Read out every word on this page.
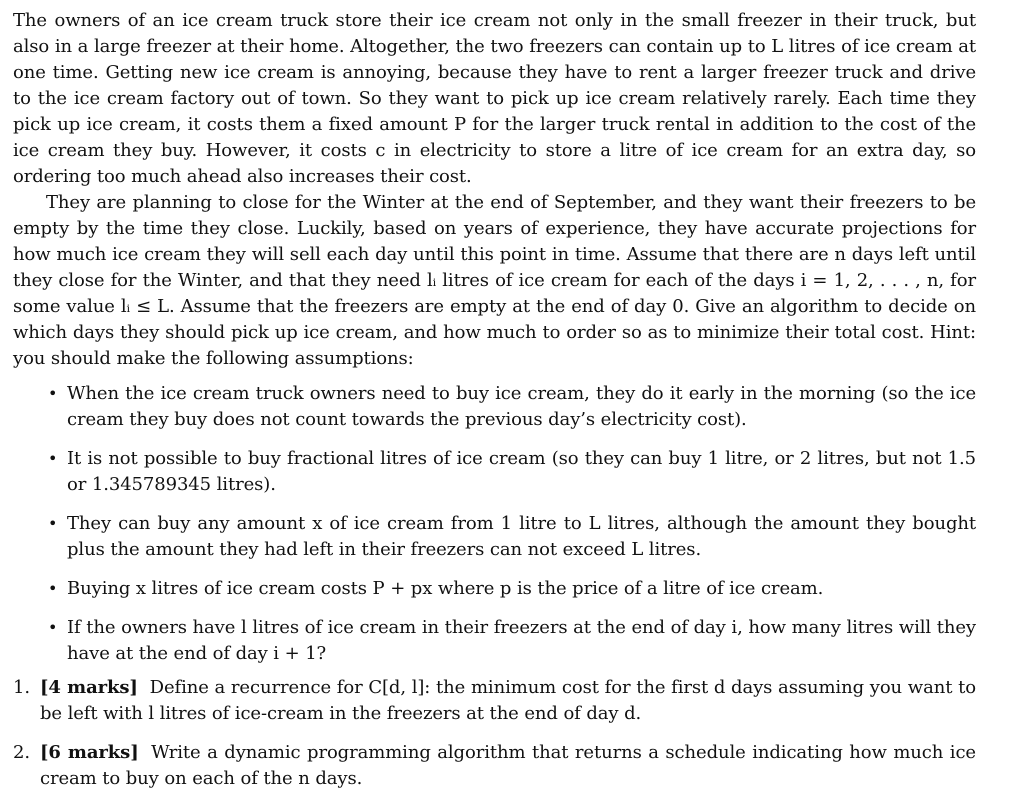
The owners of an ice cream truck store their ice cream not only in the small freezer in their truck, but also in a large freezer at their home. Altogether, the two freezers can contain up to L litres of ice cream at one time. Getting new ice cream is annoying, because they have to rent a larger freezer truck and drive to the ice cream factory out of town. So they want to pick up ice cream relatively rarely. Each time they pick up ice cream, it costs them a fixed amount P for the larger truck rental in addition to the cost of the ice cream they buy. However, it costs c in electricity to store a litre of ice cream for an extra day, so ordering too much ahead also increases their cost.

They are planning to close for the Winter at the end of September, and they want their freezers to be empty by the time they close. Luckily, based on years of experience, they have accurate projections for how much ice cream they will sell each day until this point in time. Assume that there are n days left until they close for the Winter, and that they need lᵢ litres of ice cream for each of the days i = 1, 2, . . . , n, for some value lᵢ ≤ L. Assume that the freezers are empty at the end of day 0. Give an algorithm to decide on which days they should pick up ice cream, and how much to order so as to minimize their total cost. Hint: you should make the following assumptions:

• When the ice cream truck owners need to buy ice cream, they do it early in the morning (so the ice cream they buy does not count towards the previous day’s electricity cost).
• It is not possible to buy fractional litres of ice cream (so they can buy 1 litre, or 2 litres, but not 1.5 or 1.345789345 litres).
• They can buy any amount x of ice cream from 1 litre to L litres, although the amount they bought plus the amount they had left in their freezers can not exceed L litres.
• Buying x litres of ice cream costs P + px where p is the price of a litre of ice cream.
• If the owners have l litres of ice cream in their freezers at the end of day i, how many litres will they have at the end of day i + 1?
1. [4 marks] Define a recurrence for C[d, l]: the minimum cost for the first d days assuming you want to be left with l litres of ice-cream in the freezers at the end of day d.
2. [6 marks] Write a dynamic programming algorithm that returns a schedule indicating how much ice cream to buy on each of the n days.
